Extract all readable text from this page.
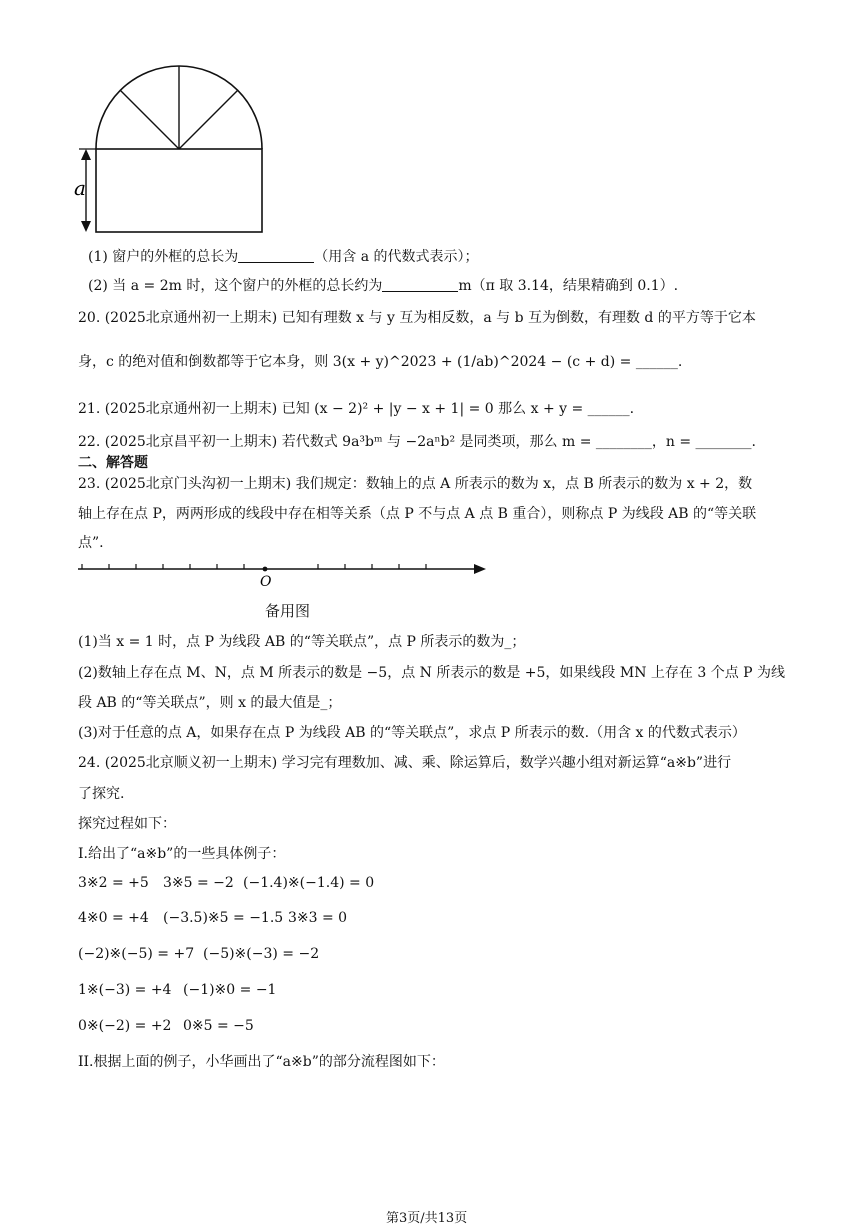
a
(1) 窗户的外框的总长为	（用含 a 的代数式表示）；
(2) 当 a = 2m 时，这个窗户的外框的总长约为	m（π 取 3.14，结果精确到 0.1）.
20. (2025北京通州初一上期末) 已知有理数 x 与 y 互为相反数，a 与 b 互为倒数，有理数 d 的平方等于它本
身，c 的绝对值和倒数都等于它本身，则 3(x + y)^2023 + (1/ab)^2024 − (c + d) = ______.
21. (2025北京通州初一上期末) 已知 (x − 2)² + |y − x + 1| = 0 那么 x + y = ______.
22. (2025北京昌平初一上期末) 若代数式 9a³bᵐ 与 −2aⁿb² 是同类项，那么 m = ________，n = ________.
二、解答题
23. (2025北京门头沟初一上期末) 我们规定：数轴上的点 A 所表示的数为 x，点 B 所表示的数为 x + 2，数
轴上存在点 P，两两形成的线段中存在相等关系（点 P 不与点 A 点 B 重合），则称点 P 为线段 AB 的“等关联
点”.
O
备用图
(1)当 x = 1 时，点 P 为线段 AB 的“等关联点”，点 P 所表示的数为_；
(2)数轴上存在点 M、N，点 M 所表示的数是 −5，点 N 所表示的数是 +5，如果线段 MN 上存在 3 个点 P 为线
段 AB 的“等关联点”，则 x 的最大值是_；
(3)对于任意的点 A，如果存在点 P 为线段 AB 的“等关联点”，求点 P 所表示的数.（用含 x 的代数式表示）
24. (2025北京顺义初一上期末) 学习完有理数加、减、乘、除运算后，数学兴趣小组对新运算“a※b”进行
了探究.
探究过程如下：
I.给出了“a※b”的一些具体例子：
3※2 = +5 3※5 = −2 (−1.4)※(−1.4) = 0
4※0 = +4 (−3.5)※5 = −1.5 3※3 = 0
(−2)※(−5) = +7 (−5)※(−3) = −2
1※(−3) = +4 (−1)※0 = −1
0※(−2) = +2 0※5 = −5
II.根据上面的例子，小华画出了“a※b”的部分流程图如下：
第3页/共13页
